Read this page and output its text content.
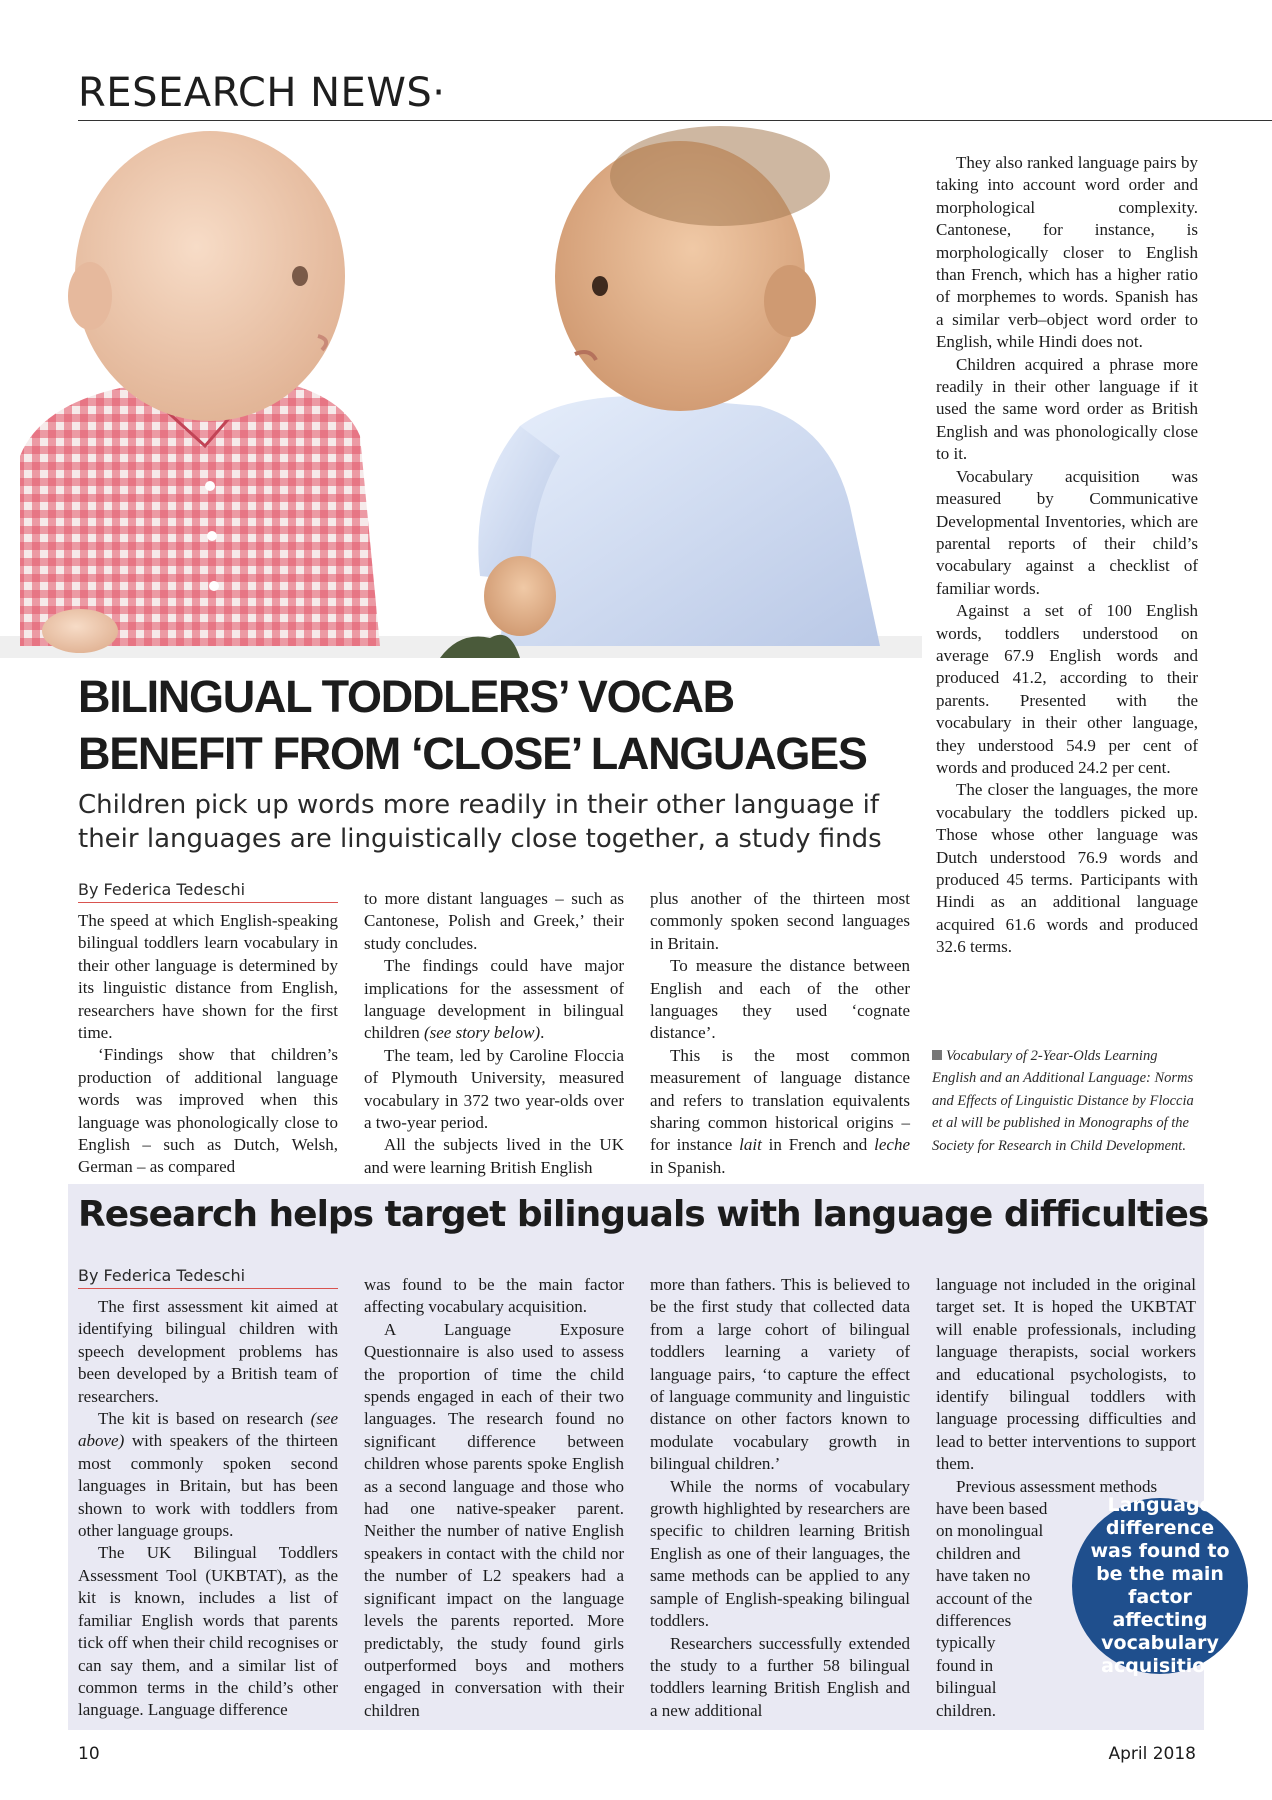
RESEARCH NEWS·
BILINGUAL TODDLERS’ VOCAB
BENEFIT FROM ‘CLOSE’ LANGUAGES

Children pick up words more readily in their other language if their languages are linguistically close together, a study finds

By Federica Tedeschi

The speed at which English-speaking bilingual toddlers learn vocabulary in their other language is determined by its linguistic distance from English, researchers have shown for the first time.

‘Findings show that children’s production of additional language words was improved when this language was phonologically close to English – such as Dutch, Welsh, German – as compared

to more distant languages – such as Cantonese, Polish and Greek,’ their study concludes.

The findings could have major implications for the assessment of language development in bilingual children (see story below).

The team, led by Caroline Floccia of Plymouth University, measured vocabulary in 372 two year-olds over a two-year period.

All the subjects lived in the UK and were learning British English

plus another of the thirteen most commonly spoken second languages in Britain.

To measure the distance between English and each of the other languages they used ‘cognate distance’.

This is the most common measurement of language distance and refers to translation equivalents sharing common historical origins – for instance lait in French and leche in Spanish.

They also ranked language pairs by taking into account word order and morphological complexity. Cantonese, for instance, is morphologically closer to English than French, which has a higher ratio of morphemes to words. Spanish has a similar verb–object word order to English, while Hindi does not.

Children acquired a phrase more readily in their other language if it used the same word order as British English and was phonologically close to it.

Vocabulary acquisition was measured by Communicative Developmental Inventories, which are parental reports of their child’s vocabulary against a checklist of familiar words.

Against a set of 100 English words, toddlers understood on average 67.9 English words and produced 41.2, according to their parents. Presented with the vocabulary in their other language, they understood 54.9 per cent of words and produced 24.2 per cent.

The closer the languages, the more vocabulary the toddlers picked up. Those whose other language was Dutch understood 76.9 words and produced 45 terms. Participants with Hindi as an additional language acquired 61.6 words and produced 32.6 terms.

Vocabulary of 2-Year-Olds Learning English and an Additional Language: Norms and Effects of Linguistic Distance by Floccia et al will be published in Monographs of the Society for Research in Child Development.
Research helps target bilinguals with language difficulties
By Federica Tedeschi

The first assessment kit aimed at identifying bilingual children with speech development problems has been developed by a British team of researchers.

The kit is based on research (see above) with speakers of the thirteen most commonly spoken second languages in Britain, but has been shown to work with toddlers from other language groups.

The UK Bilingual Toddlers Assessment Tool (UKBTAT), as the kit is known, includes a list of familiar English words that parents tick off when their child recognises or can say them, and a similar list of common terms in the child’s other language. Language difference

was found to be the main factor affecting vocabulary acquisition.

A Language Exposure Questionnaire is also used to assess the proportion of time the child spends engaged in each of their two languages. The research found no significant difference between children whose parents spoke English as a second language and those who had one native-speaker parent. Neither the number of native English speakers in contact with the child nor the number of L2 speakers had a significant impact on the language levels the parents reported. More predictably, the study found girls outperformed boys and mothers engaged in conversation with their children

more than fathers. This is believed to be the first study that collected data from a large cohort of bilingual toddlers learning a variety of language pairs, ‘to capture the effect of language community and linguistic distance on other factors known to modulate vocabulary growth in bilingual children.’

While the norms of vocabulary growth highlighted by researchers are specific to children learning British English as one of their languages, the same methods can be applied to any sample of English-speaking bilingual toddlers.

Researchers successfully extended the study to a further 58 bilingual toddlers learning British English and a new additional

language not included in the original target set. It is hoped the UKBTAT will enable professionals, including language therapists, social workers and educational psychologists, to identify bilingual toddlers with language processing difficulties and lead to better interventions to support them.

Previous assessment methods

have been based
on monolingual
children and
have taken no
account of the
differences
typically
found in
bilingual
children.
Language difference was found to be the main factor affecting vocabulary acquisition
10	April 2018
